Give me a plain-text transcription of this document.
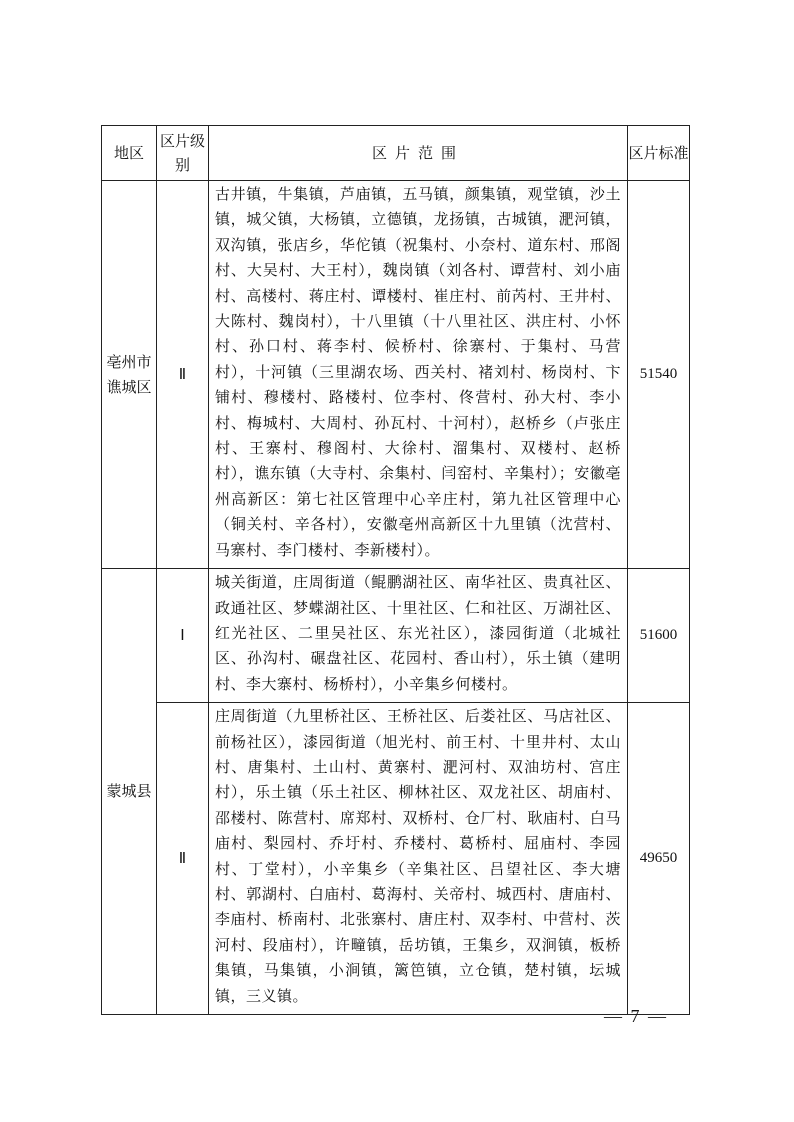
地区	区片级别	区片范围	区片标准
亳州市谯城区	Ⅱ	古井镇，牛集镇，芦庙镇，五马镇，颜集镇，观堂镇，沙土镇，城父镇，大杨镇，立德镇，龙扬镇，古城镇，淝河镇，双沟镇，张店乡，华佗镇（祝集村、小奈村、道东村、邢阁村、大吴村、大王村），魏岗镇（刘各村、谭营村、刘小庙村、高楼村、蒋庄村、谭楼村、崔庄村、前芮村、王井村、大陈村、魏岗村），十八里镇（十八里社区、洪庄村、小怀村、孙口村、蒋李村、候桥村、徐寨村、于集村、马营村），十河镇（三里湖农场、西关村、褚刘村、杨岗村、卞铺村、穆楼村、路楼村、位李村、佟营村、孙大村、李小村、梅城村、大周村、孙瓦村、十河村），赵桥乡（卢张庄村、王寨村、穆阁村、大徐村、溜集村、双楼村、赵桥村），谯东镇（大寺村、余集村、闫窑村、辛集村）；安徽亳州高新区：第七社区管理中心辛庄村，第九社区管理中心（铜关村、辛各村），安徽亳州高新区十九里镇（沈营村、马寨村、李门楼村、李新楼村）。	51540
蒙城县	Ⅰ	城关街道，庄周街道（鲲鹏湖社区、南华社区、贵真社区、政通社区、梦蝶湖社区、十里社区、仁和社区、万湖社区、红光社区、二里吴社区、东光社区），漆园街道（北城社区、孙沟村、碾盘社区、花园村、香山村），乐土镇（建明村、李大寨村、杨桥村），小辛集乡何楼村。	51600
	Ⅱ	庄周街道（九里桥社区、王桥社区、后娄社区、马店社区、前杨社区），漆园街道（旭光村、前王村、十里井村、太山村、唐集村、土山村、黄寨村、淝河村、双油坊村、宫庄村），乐土镇（乐土社区、柳林社区、双龙社区、胡庙村、邵楼村、陈营村、席郑村、双桥村、仓厂村、耿庙村、白马庙村、梨园村、乔圩村、乔楼村、葛桥村、屈庙村、李园村、丁堂村），小辛集乡（辛集社区、吕望社区、李大塘村、郭湖村、白庙村、葛海村、关帝村、城西村、唐庙村、李庙村、桥南村、北张寨村、唐庄村、双李村、中营村、茨河村、段庙村），许疃镇，岳坊镇，王集乡，双涧镇，板桥集镇，马集镇，小涧镇，篱笆镇，立仓镇，楚村镇，坛城镇，三义镇。	49650
— 7 —
